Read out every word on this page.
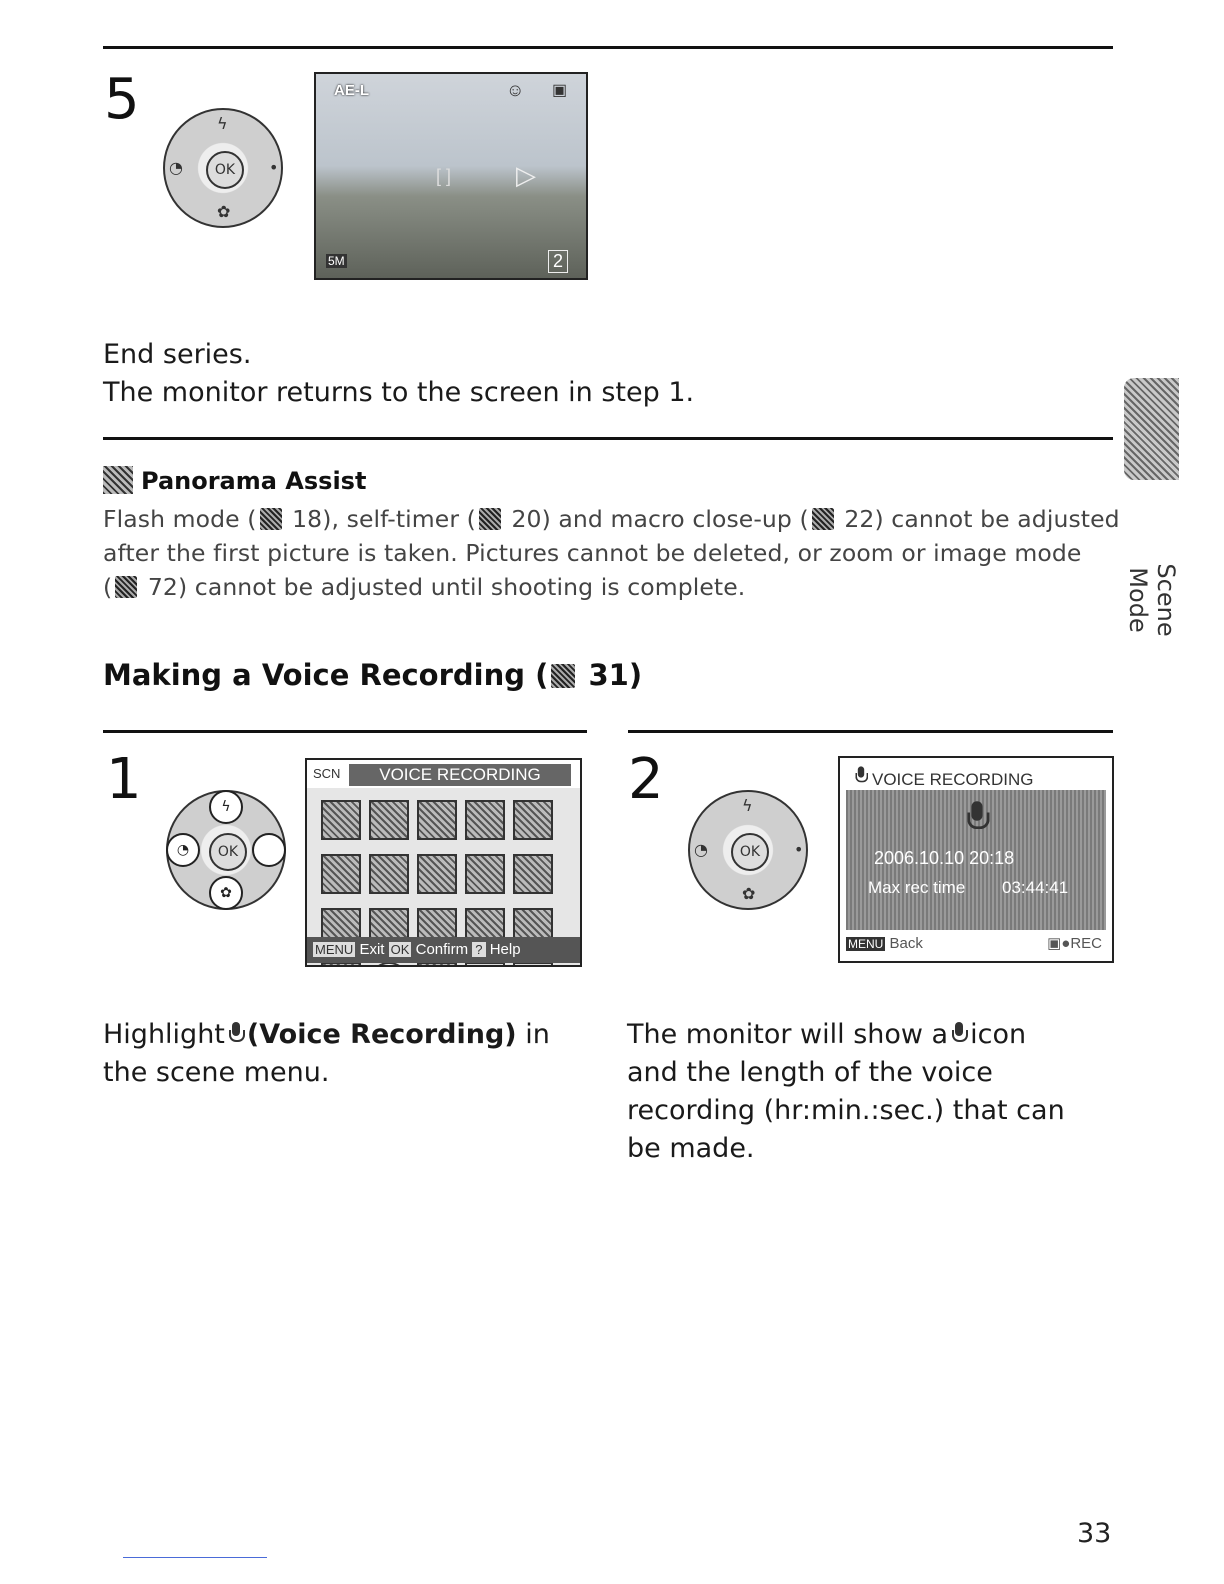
5	ϟ
◔
✿
•
OK
AE-L	☺ ▣
[ ] ▷
5M	2
End series.
The monitor returns to the screen in step 1.
Panorama Assist
Flash mode ( 18), self-timer ( 20) and macro close-up ( 22) cannot be adjusted
after the first picture is taken. Pictures cannot be deleted, or zoom or image mode
( 72) cannot be adjusted until shooting is complete.
Making a Voice Recording ( 31)
1	ϟ
◔
✿
OK
SCN	VOICE RECORDING
MENU Exit OK Confirm ? Help
Highlight (Voice Recording) in
the scene menu.
2	ϟ
◔
✿
•
OK
VOICE RECORDING
2006.10.10 20:18
Max rec time 03:44:41
MENU Back	▣●REC
The monitor will show a icon
and the length of the voice
recording (hr:min.:sec.) that can
be made.
Scene Mode
33
